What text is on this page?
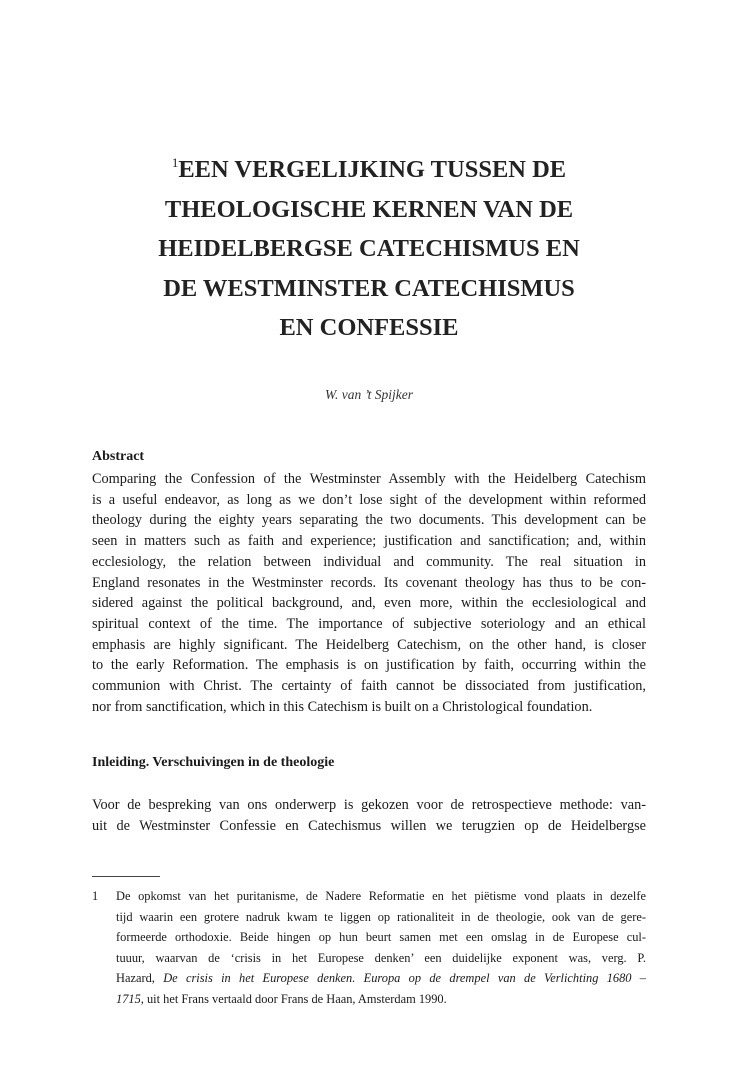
$^1$EEN VERGELIJKING TUSSEN DE
THEOLOGISCHE KERNEN VAN DE
HEIDELBERGSE CATECHISMUS EN
DE WESTMINSTER CATECHISMUS
EN CONFESSIE
W. van ’t Spijker
Abstract
Comparing the Confession of the Westminster Assembly with the Heidelberg Catechism
is a useful endeavor, as long as we don’t lose sight of the development within reformed
theology during the eighty years separating the two documents. This development can be
seen in matters such as faith and experience; justification and sanctification; and, within
ecclesiology, the relation between individual and community. The real situation in
England resonates in the Westminster records. Its covenant theology has thus to be con-
sidered against the political background, and, even more, within the ecclesiological and
spiritual context of the time. The importance of subjective soteriology and an ethical
emphasis are highly significant. The Heidelberg Catechism, on the other hand, is closer
to the early Reformation. The emphasis is on justification by faith, occurring within the
communion with Christ. The certainty of faith cannot be dissociated from justification,
nor from sanctification, which in this Catechism is built on a Christological foundation.
Inleiding. Verschuivingen in de theologie
Voor de bespreking van ons onderwerp is gekozen voor de retrospectieve methode: van-
uit de Westminster Confessie en Catechismus willen we terugzien op de Heidelbergse
1 De opkomst van het puritanisme, de Nadere Reformatie en het piëtisme vond plaats in dezelfe
tijd waarin een grotere nadruk kwam te liggen op rationaliteit in de theologie, ook van de gere-
formeerde orthodoxie. Beide hingen op hun beurt samen met een omslag in de Europese cul-
tuuur, waarvan de ‘crisis in het Europese denken’ een duidelijke exponent was, verg. P.
Hazard, De crisis in het Europese denken. Europa op de drempel van de Verlichting 1680 –
1715, uit het Frans vertaald door Frans de Haan, Amsterdam 1990.
